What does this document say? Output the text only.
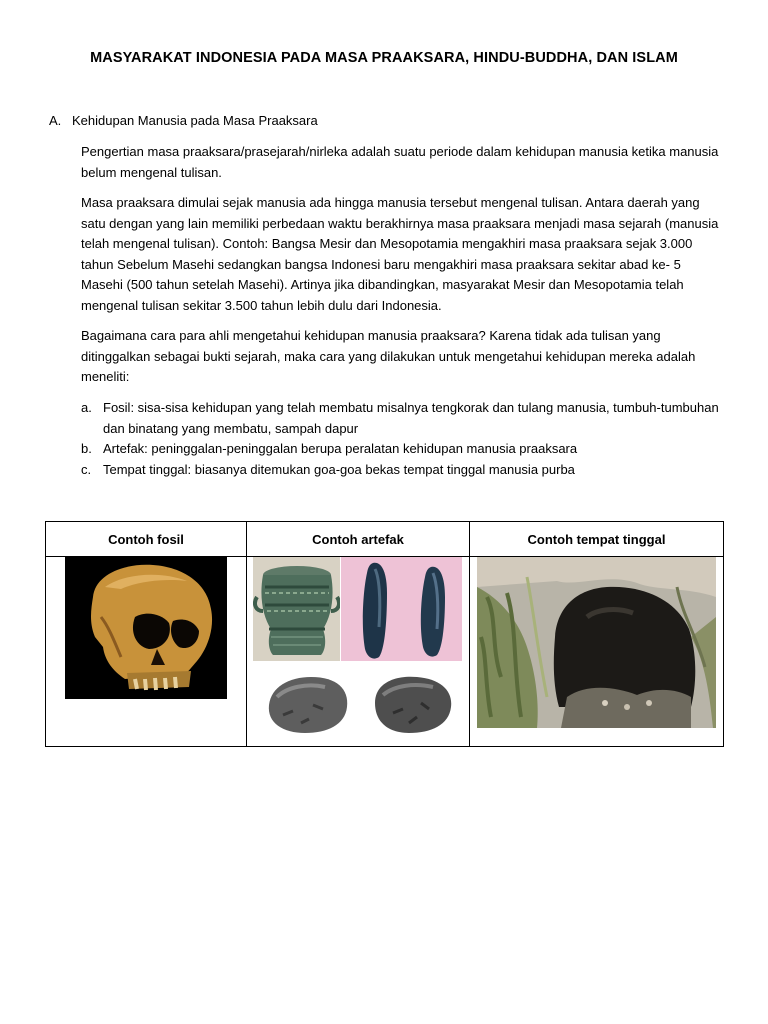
MASYARAKAT INDONESIA PADA MASA PRAAKSARA, HINDU-BUDDHA, DAN ISLAM
A. Kehidupan Manusia pada Masa Praaksara
Pengertian masa praaksara/prasejarah/nirleka adalah suatu periode dalam kehidupan manusia ketika manusia belum mengenal tulisan.
Masa praaksara dimulai sejak manusia ada hingga manusia tersebut mengenal tulisan. Antara daerah yang satu dengan yang lain memiliki perbedaan waktu berakhirnya masa praaksara menjadi masa sejarah (manusia telah mengenal tulisan). Contoh: Bangsa Mesir dan Mesopotamia mengakhiri masa praaksara sejak 3.000 tahun Sebelum Masehi sedangkan bangsa Indonesi baru mengakhiri masa praaksara sekitar abad ke- 5 Masehi (500 tahun setelah Masehi). Artinya jika dibandingkan, masyarakat Mesir dan Mesopotamia telah mengenal tulisan sekitar 3.500 tahun lebih dulu dari Indonesia.
Bagaimana cara para ahli mengetahui kehidupan manusia praaksara? Karena tidak ada tulisan yang ditinggalkan sebagai bukti sejarah, maka cara yang dilakukan untuk mengetahui kehidupan mereka adalah meneliti:
a. Fosil: sisa-sisa kehidupan yang telah membatu misalnya tengkorak dan tulang manusia, tumbuh-tumbuhan dan binatang yang membatu, sampah dapur
b. Artefak: peninggalan-peninggalan berupa peralatan kehidupan manusia praaksara
c. Tempat tinggal: biasanya ditemukan goa-goa bekas tempat tinggal manusia purba
Contoh fosil	Contoh artefak	Contoh tempat tinggal
